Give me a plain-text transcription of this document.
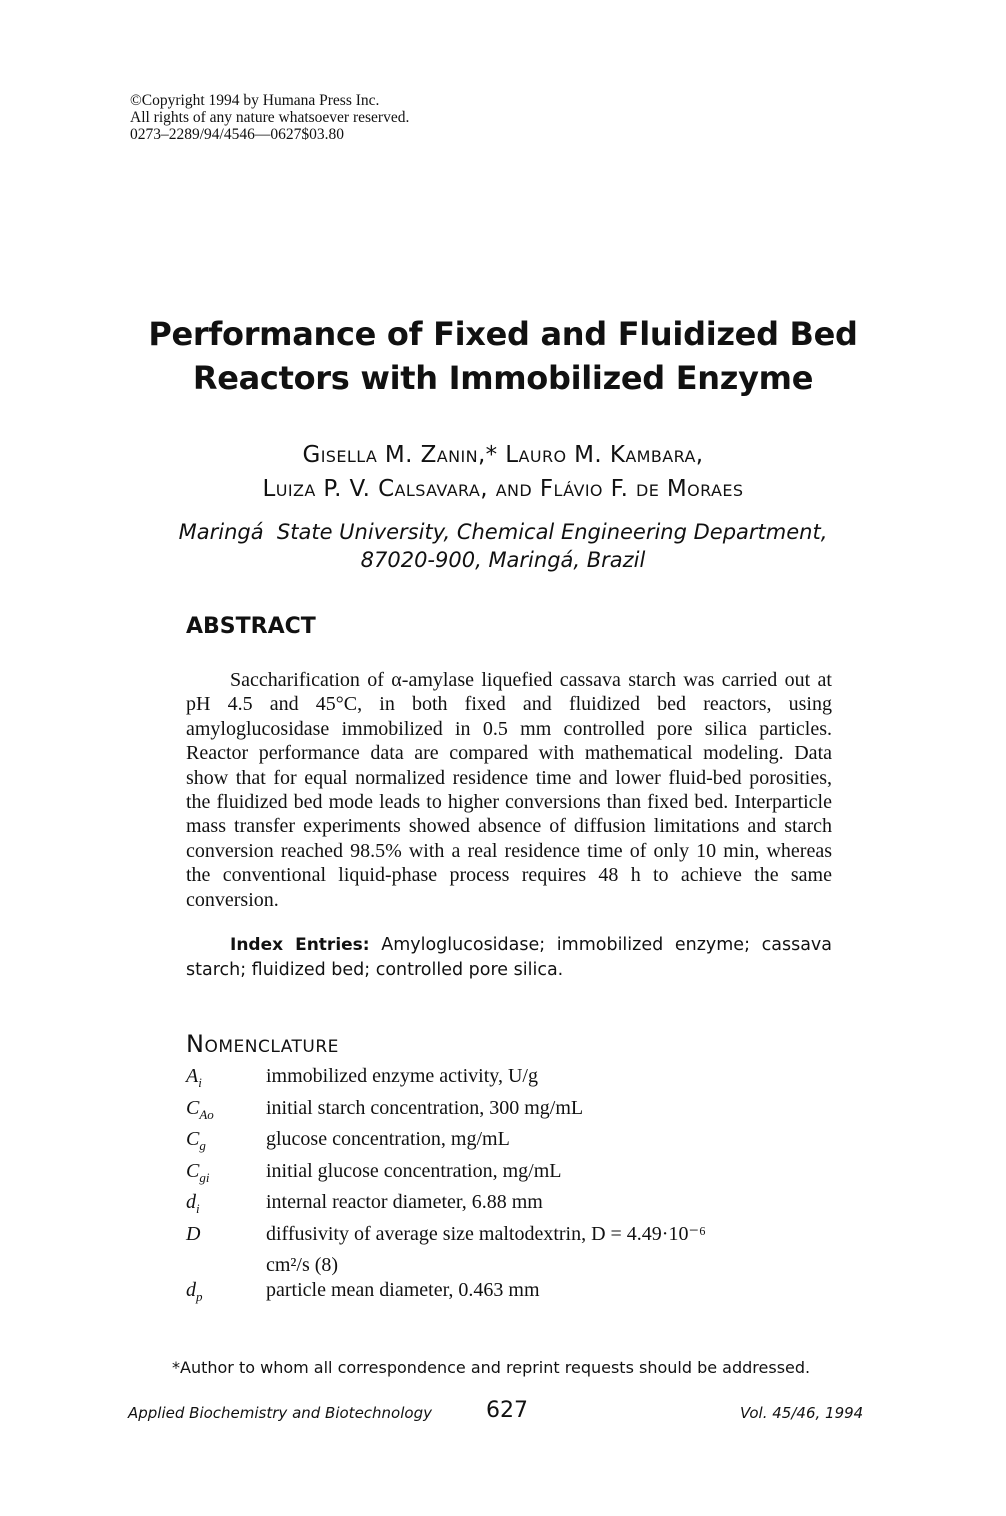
©Copyright 1994 by Humana Press Inc.
All rights of any nature whatsoever reserved.
0273–2289/94/4546—0627$03.80
Performance of Fixed and Fluidized Bed
Reactors with Immobilized Enzyme
Gisella M. Zanin,* Lauro M. Kambara,
Luiza P. V. Calsavara, and Flávio F. de Moraes
Maringá  State University, Chemical Engineering Department,
87020-900, Maringá, Brazil
ABSTRACT

Saccharification of α-amylase liquefied cassava starch was carried out at pH 4.5 and 45°C, in both fixed and fluidized bed reactors, using amyloglucosidase immobilized in 0.5 mm controlled pore silica particles. Reactor performance data are compared with mathematical modeling. Data show that for equal normalized residence time and lower fluid-bed porosities, the fluidized bed mode leads to higher conversions than fixed bed. Interparticle mass transfer experiments showed absence of diffusion limitations and starch conversion reached 98.5% with a real residence time of only 10 min, whereas the conventional liquid-phase process requires 48 h to achieve the same conversion.

Index Entries: Amyloglucosidase; immobilized enzyme; cassava starch; fluidized bed; controlled pore silica.

Nomenclature
$A_i$	immobilized enzyme activity, U/g
$C_{Ao}$	initial starch concentration, 300 mg/mL
$C_g$	glucose concentration, mg/mL
$C_{gi}$	initial glucose concentration, mg/mL
$d_i$	internal reactor diameter, 6.88 mm
D	diffusivity of average size maltodextrin, D = 4.49·10⁻⁶
cm²/s (8)
$d_p$	particle mean diameter, 0.463 mm
*Author to whom all correspondence and reprint requests should be addressed.
Applied Biochemistry and Biotechnology 627	Vol. 45/46, 1994
